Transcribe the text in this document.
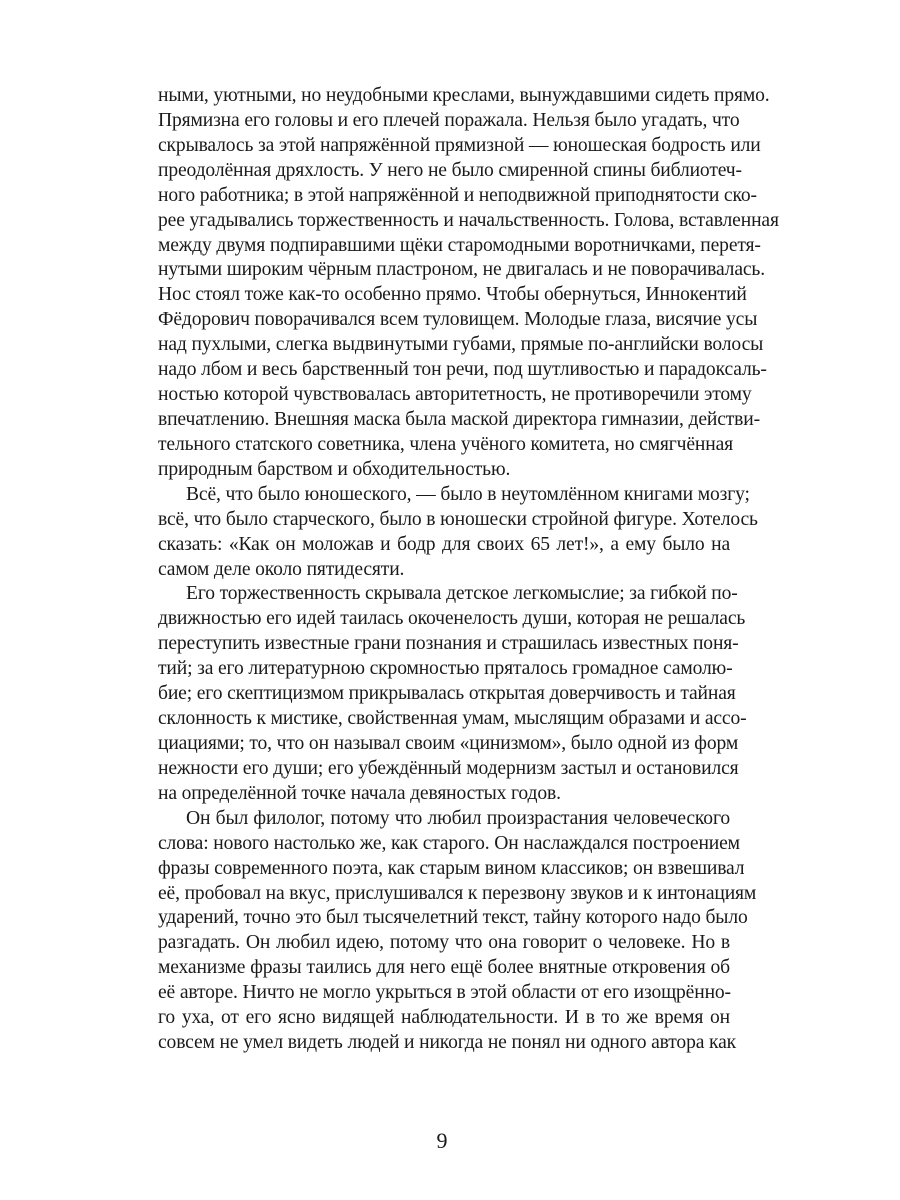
ными, уютными, но неудобными креслами, вынуждавшими сидеть прямо.
Прямизна его головы и его плечей поражала. Нельзя было угадать, что
скрывалось за этой напряжённой прямизной — юношеская бодрость или
преодолённая дряхлость. У него не было смиренной спины библиотеч-
ного работника; в этой напряжённой и неподвижной приподнятости ско-
рее угадывались торжественность и начальственность. Голова, вставленная
между двумя подпиравшими щёки старомодными воротничками, перетя-
нутыми широким чёрным пластроном, не двигалась и не поворачивалась.
Нос стоял тоже как-то особенно прямо. Чтобы обернуться, Иннокентий
Фёдорович поворачивался всем туловищем. Молодые глаза, висячие усы
над пухлыми, слегка выдвинутыми губами, прямые по-английски волосы
надо лбом и весь барственный тон речи, под шутливостью и парадоксаль-
ностью которой чувствовалась авторитетность, не противоречили этому
впечатлению. Внешняя маска была маской директора гимназии, действи-
тельного статского советника, члена учёного комитета, но смягчённая
природным барством и обходительностью.
Всё, что было юношеского, — было в неутомлённом книгами мозгу;
всё, что было старческого, было в юношески стройной фигуре. Хотелось
сказать: «Как он моложав и бодр для своих 65 лет!», а ему было на
самом деле около пятидесяти.
Его торжественность скрывала детское легкомыслие; за гибкой по-
движностью его идей таилась окоченелость души, которая не решалась
переступить известные грани познания и страшилась известных поня-
тий; за его литературною скромностью пряталось громадное самолю-
бие; его скептицизмом прикрывалась открытая доверчивость и тайная
склонность к мистике, свойственная умам, мыслящим образами и ассо-
циациями; то, что он называл своим «цинизмом», было одной из форм
нежности его души; его убеждённый модернизм застыл и остановился
на определённой точке начала девяностых годов.
Он был филолог, потому что любил произрастания человеческого
слова: нового настолько же, как старого. Он наслаждался построением
фразы современного поэта, как старым вином классиков; он взвешивал
её, пробовал на вкус, прислушивался к перезвону звуков и к интонациям
ударений, точно это был тысячелетний текст, тайну которого надо было
разгадать. Он любил идею, потому что она говорит о человеке. Но в
механизме фразы таились для него ещё более внятные откровения об
её авторе. Ничто не могло укрыться в этой области от его изощрённо-
го уха, от его ясно видящей наблюдательности. И в то же время он
совсем не умел видеть людей и никогда не понял ни одного автора как
9
